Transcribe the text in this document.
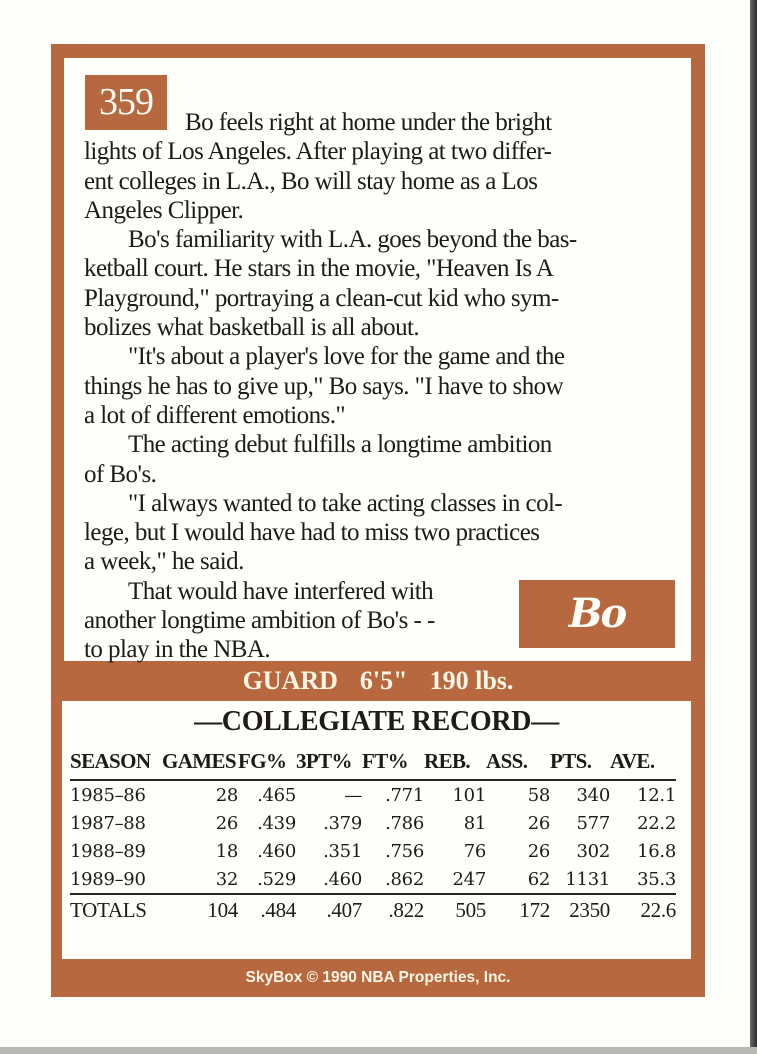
359	Bo feels right at home under the bright

lights of Los Angeles. After playing at two differ-

ent colleges in L.A., Bo will stay home as a Los

Angeles Clipper.

Bo's familiarity with L.A. goes beyond the bas-

ketball court. He stars in the movie, "Heaven Is A

Playground," portraying a clean-cut kid who sym-

bolizes what basketball is all about.

"It's about a player's love for the game and the

things he has to give up," Bo says. "I have to show

a lot of different emotions."

The acting debut fulfills a longtime ambition

of Bo's.

"I always wanted to take acting classes in col-

lege, but I would have had to miss two practices

a week," he said.

That would have interfered with

another longtime ambition of Bo's - -

to play in the NBA.

Bo
GUARD 6'5" 190 lbs.
—COLLEGIATE RECORD—
SEASON	GAMES	FG%	3PT%	FT%	REB.	ASS.	PTS.	AVE.
1985–86	28	.465	—	.771	101	58	340	12.1
1987–88	26	.439	.379	.786	81	26	577	22.2
1988–89	18	.460	.351	.756	76	26	302	16.8
1989–90	32	.529	.460	.862	247	62	1131	35.3
TOTALS	104	.484	.407	.822	505	172	2350	22.6
SkyBox © 1990 NBA Properties, Inc.
